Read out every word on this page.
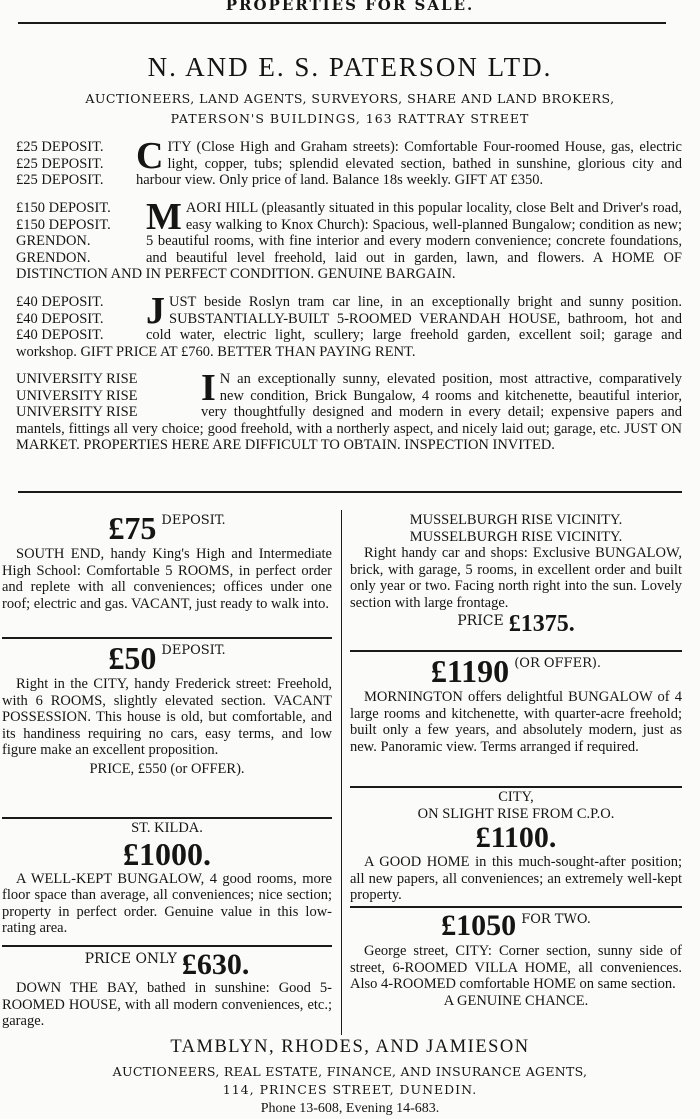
PROPERTIES FOR SALE.
N. AND E. S. PATERSON LTD.
AUCTIONEERS, LAND AGENTS, SURVEYORS, SHARE AND LAND BROKERS,
PATERSON'S BUILDINGS, 163 RATTRAY STREET
£25 DEPOSIT.
£25 DEPOSIT.
£25 DEPOSIT.
C ITY (Close High and Graham streets): Comfortable Four-roomed House, gas, electric light, copper, tubs; splendid elevated section, bathed in sunshine, glorious city and harbour view. Only price of land. Balance 18s weekly. GIFT AT £350.
£150 DEPOSIT.
£150 DEPOSIT.
GRENDON.
GRENDON.
M AORI HILL (pleasantly situated in this popular locality, close Belt and Driver's road, easy walking to Knox Church): Spacious, well-planned Bungalow; condition as new; 5 beautiful rooms, with fine interior and every modern convenience; concrete foundations, and beautiful level freehold, laid out in garden, lawn, and flowers. A HOME OF DISTINCTION AND IN PERFECT CONDITION. GENUINE BARGAIN.
£40 DEPOSIT.
£40 DEPOSIT.
£40 DEPOSIT.
J UST beside Roslyn tram car line, in an exceptionally bright and sunny position. SUBSTANTIALLY-BUILT 5-ROOMED VERANDAH HOUSE, bathroom, hot and cold water, electric light, scullery; large freehold garden, excellent soil; garage and workshop. GIFT PRICE AT £760. BETTER THAN PAYING RENT.
UNIVERSITY RISE
UNIVERSITY RISE
UNIVERSITY RISE
I N an exceptionally sunny, elevated position, most attractive, comparatively new condition, Brick Bungalow, 4 rooms and kitchenette, beautiful interior, very thoughtfully designed and modern in every detail; expensive papers and mantels, fittings all very choice; good freehold, with a northerly aspect, and nicely laid out; garage, etc. JUST ON MARKET. PROPERTIES HERE ARE DIFFICULT TO OBTAIN. INSPECTION INVITED.
£75 $^{DEPOSIT.}$
SOUTH END, handy King's High and Intermediate High School: Comfortable 5 ROOMS, in perfect order and replete with all conveniences; offices under one roof; electric and gas. VACANT, just ready to walk into.
£50 $^{DEPOSIT.}$
Right in the CITY, handy Frederick street: Freehold, with 6 ROOMS, slightly elevated section. VACANT POSSESSION. This house is old, but comfortable, and its handiness requiring no cars, easy terms, and low figure make an excellent proposition.
PRICE, £550 (or OFFER).
ST. KILDA.
£1000.
A WELL-KEPT BUNGALOW, 4 good rooms, more floor space than average, all conveniences; nice section; property in perfect order. Genuine value in this low-rating area.
PRICE ONLY £630.
DOWN THE BAY, bathed in sunshine: Good 5-ROOMED HOUSE, with all modern conveniences, etc.; garage.
MUSSELBURGH RISE VICINITY.
MUSSELBURGH RISE VICINITY.
Right handy car and shops: Exclusive BUNGALOW, brick, with garage, 5 rooms, in excellent order and built only year or two. Facing north right into the sun. Lovely section with large frontage.
PRICE £1375.
£1190 $^{(OR OFFER).}$
MORNINGTON offers delightful BUNGALOW of 4 large rooms and kitchenette, with quarter-acre freehold; built only a few years, and absolutely modern, just as new. Panoramic view. Terms arranged if required.
CITY,
ON SLIGHT RISE FROM C.P.O.
£1100.
A GOOD HOME in this much-sought-after position; all new papers, all conveniences; an extremely well-kept property.
£1050 $^{FOR TWO.}$
George street, CITY: Corner section, sunny side of street, 6-ROOMED VILLA HOME, all conveniences. Also 4-ROOMED comfortable HOME on same section.
A GENUINE CHANCE.
TAMBLYN, RHODES, AND JAMIESON
AUCTIONEERS, REAL ESTATE, FINANCE, AND INSURANCE AGENTS,
114, PRINCES STREET, DUNEDIN.
Phone 13-608, Evening 14-683.
